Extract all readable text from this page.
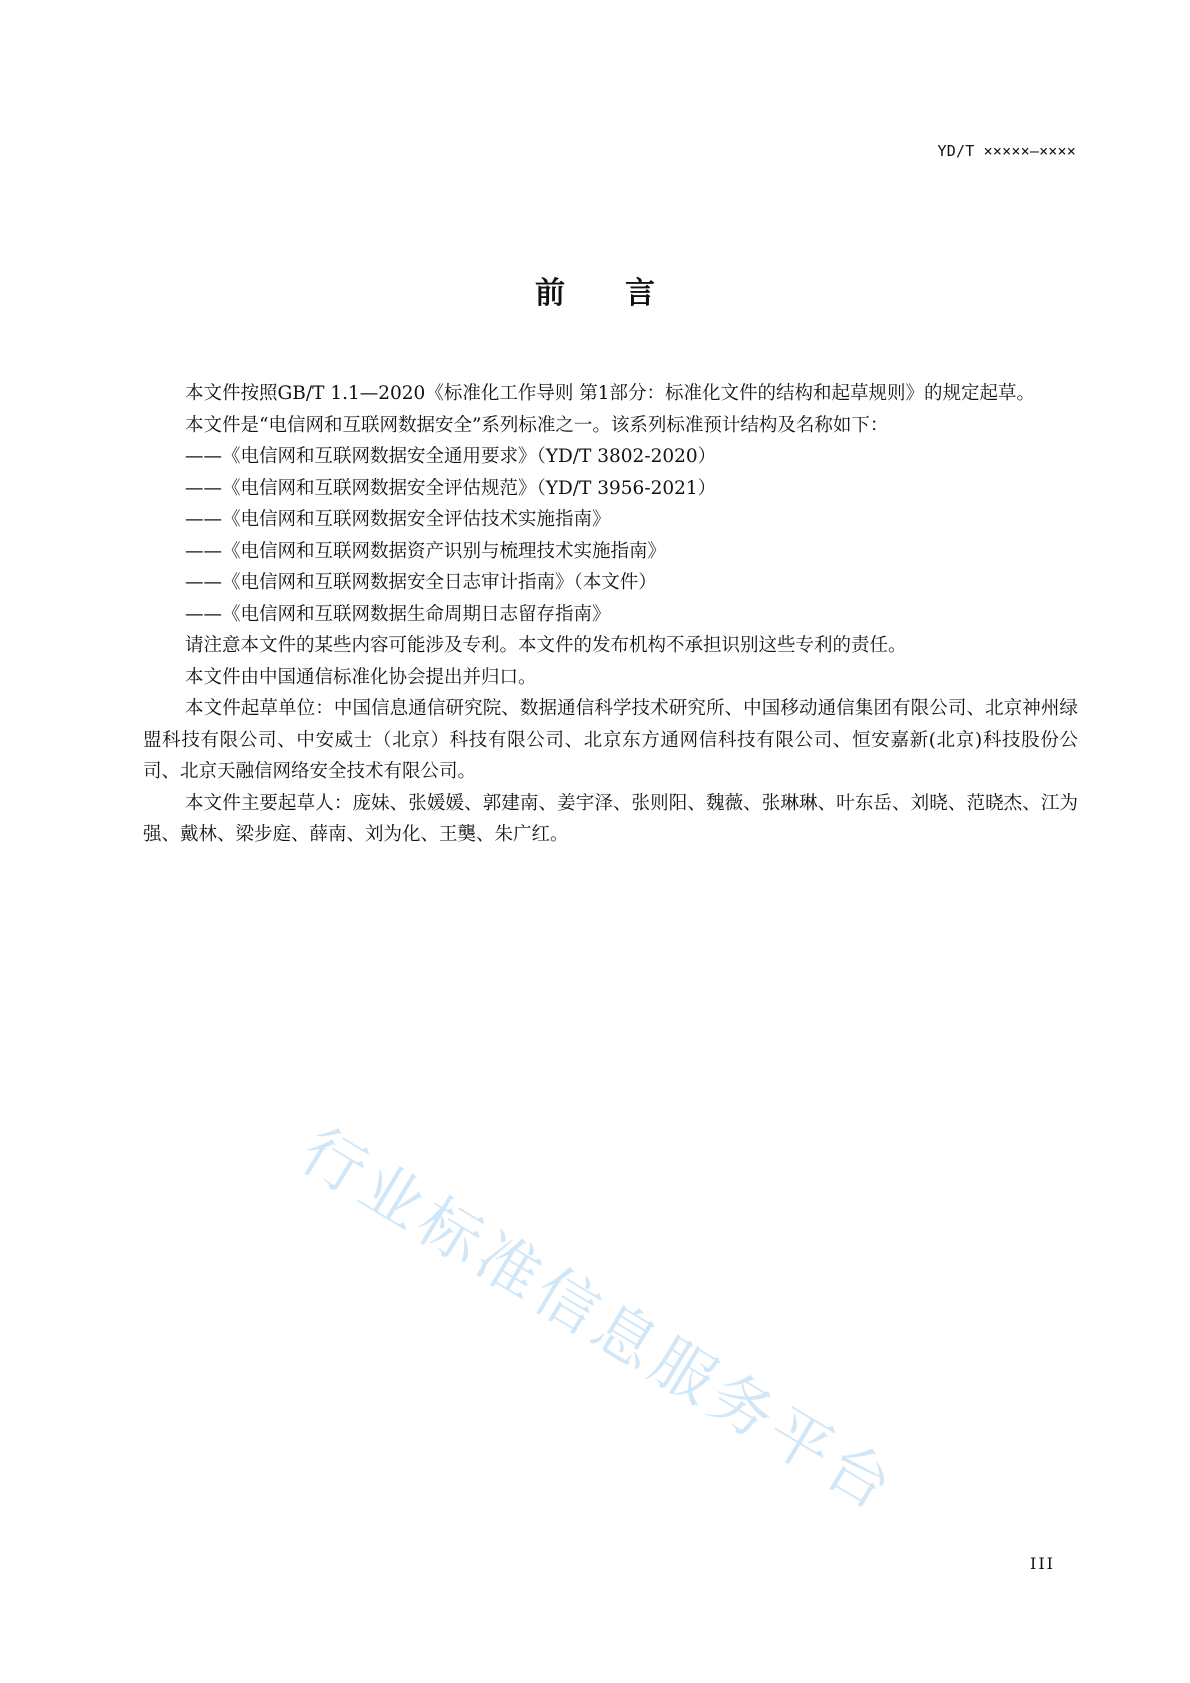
YD/T ×××××—××××
前 言

本文件按照GB/T 1.1—2020《标准化工作导则 第1部分：标准化文件的结构和起草规则》的规定起草。

本文件是“电信网和互联网数据安全”系列标准之一。该系列标准预计结构及名称如下：

——《电信网和互联网数据安全通用要求》（YD/T 3802-2020）

——《电信网和互联网数据安全评估规范》（YD/T 3956-2021）

——《电信网和互联网数据安全评估技术实施指南》

——《电信网和互联网数据资产识别与梳理技术实施指南》

——《电信网和互联网数据安全日志审计指南》（本文件）

——《电信网和互联网数据生命周期日志留存指南》

请注意本文件的某些内容可能涉及专利。本文件的发布机构不承担识别这些专利的责任。

本文件由中国通信标准化协会提出并归口。

本文件起草单位：中国信息通信研究院、数据通信科学技术研究所、中国移动通信集团有限公司、北京神州绿盟科技有限公司、中安威士（北京）科技有限公司、北京东方通网信科技有限公司、恒安嘉新(北京)科技股份公司、北京天融信网络安全技术有限公司。

本文件主要起草人：庞妹、张媛媛、郭建南、姜宇泽、张则阳、魏薇、张琳琳、叶东岳、刘晓、范晓杰、江为强、戴林、梁步庭、薛南、刘为化、王龑、朱广红。

行业标准信息服务平台
III
